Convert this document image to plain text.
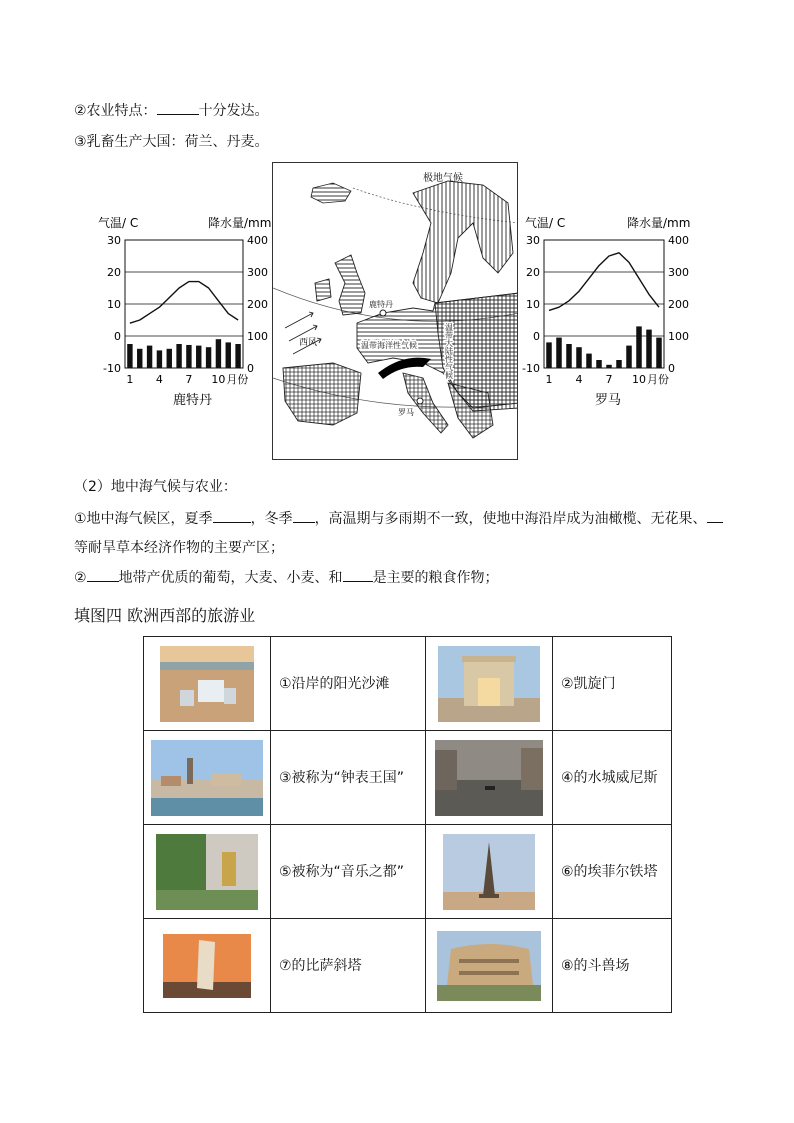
②农业特点：	十分发达。
③乳畜生产大国：荷兰、丹麦。
气温/ C	降水量/mm
30
20
10
0
-10
400
300
200
100
0
1 4 7 10 月份
鹿特丹
气温/ C	降水量/mm
30
20
10
0
-10
400
300
200
100
0
1 4 7 10 月份
罗马
极地气候
鹿特丹
西风	温带海洋性气候	温带大陆性气候
罗马
（2）地中海气候与农业：
①地中海气候区，夏季	，冬季 ，高温期与多雨期不一致，使地中海沿岸成为油橄榄、无花果、
等耐旱草本经济作物的主要产区；
② 地带产优质的葡萄，大麦、小麦、和 是主要的粮食作物；
填图四 欧洲西部的旅游业
	①沿岸的阳光沙滩		②凯旋门
	③被称为“钟表王国”		④的水城威尼斯
	⑤被称为“音乐之都”		⑥的埃菲尔铁塔
	⑦的比萨斜塔		⑧的斗兽场
